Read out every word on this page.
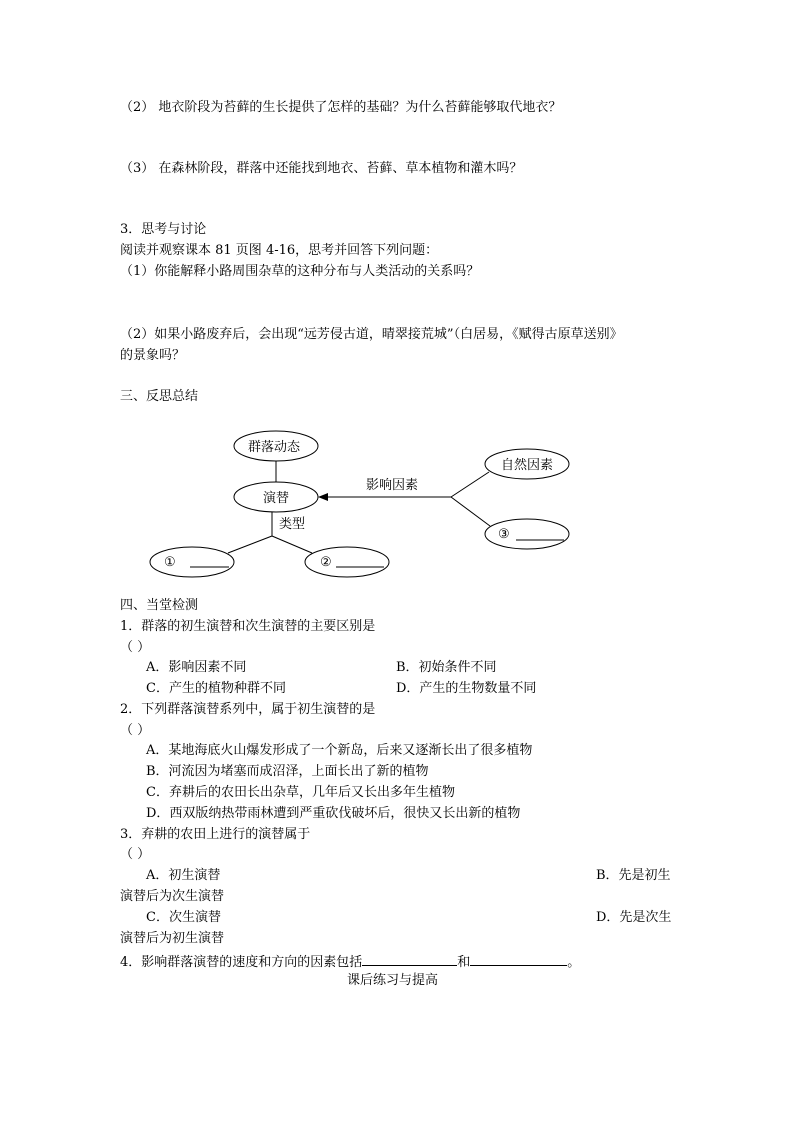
（2） 地衣阶段为苔藓的生长提供了怎样的基础？为什么苔藓能够取代地衣？
（3） 在森林阶段，群落中还能找到地衣、苔藓、草本植物和灌木吗？
3．思考与讨论
阅读并观察课本 81 页图 4-16，思考并回答下列问题：
（1）你能解释小路周围杂草的这种分布与人类活动的关系吗？
（2）如果小路废弃后，会出现“远芳侵古道，晴翠接荒城”（白居易，《赋得古原草送别》
的景象吗？
三、反思总结
群落动态
演替
类型
影响因素
自然因素
①	②
③
四、当堂检测
1．群落的初生演替和次生演替的主要区别是
（ ）
A．影响因素不同	B．初始条件不同
C．产生的植物种群不同	D．产生的生物数量不同
2．下列群落演替系列中，属于初生演替的是
（ ）
A．某地海底火山爆发形成了一个新岛，后来又逐渐长出了很多植物
B．河流因为堵塞而成沼泽，上面长出了新的植物
C．弃耕后的农田长出杂草，几年后又长出多年生植物
D．西双版纳热带雨林遭到严重砍伐破坏后，很快又长出新的植物
3．弃耕的农田上进行的演替属于
（ ）
A．初生演替	B．先是初生
演替后为次生演替
C．次生演替	D．先是次生
演替后为初生演替
4．影响群落演替的速度和方向的因素包括	和	。
课后练习与提高
